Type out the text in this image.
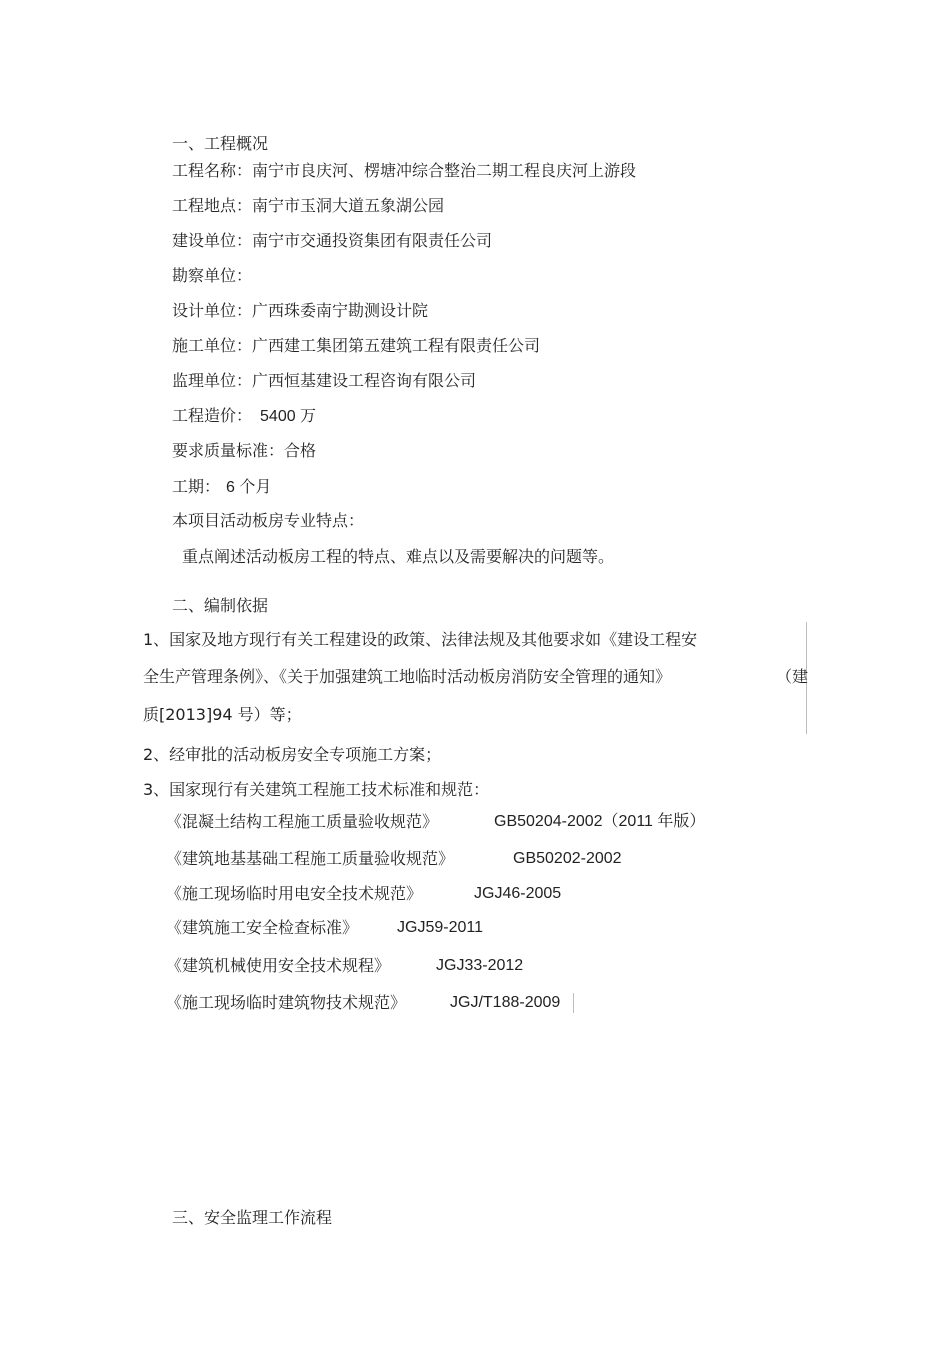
一、工程概况
工程名称：南宁市良庆河、楞塘冲综合整治二期工程良庆河上游段
工程地点：南宁市玉洞大道五象湖公园
建设单位：南宁市交通投资集团有限责任公司
勘察单位：
设计单位：广西珠委南宁勘测设计院
施工单位：广西建工集团第五建筑工程有限责任公司
监理单位：广西恒基建设工程咨询有限公司
工程造价： 5400 万
要求质量标准：合格
工期： 6 个月
本项目活动板房专业特点：
重点阐述活动板房工程的特点、难点以及需要解决的问题等。
二、编制依据
1、国家及地方现行有关工程建设的政策、法律法规及其他要求如《建设工程安
全生产管理条例》、《关于加强建筑工地临时活动板房消防安全管理的通知》	（建
质[2013]94 号）等；
2、经审批的活动板房安全专项施工方案；
3、国家现行有关建筑工程施工技术标准和规范：
《混凝土结构工程施工质量验收规范》	GB50204-2002（2011 年版）
《建筑地基基础工程施工质量验收规范》	GB50202-2002
《施工现场临时用电安全技术规范》	JGJ46-2005
《建筑施工安全检查标准》 JGJ59-2011
《建筑机械使用安全技术规程》	JGJ33-2012
《施工现场临时建筑物技术规范》	JGJ/T188-2009
三、安全监理工作流程
